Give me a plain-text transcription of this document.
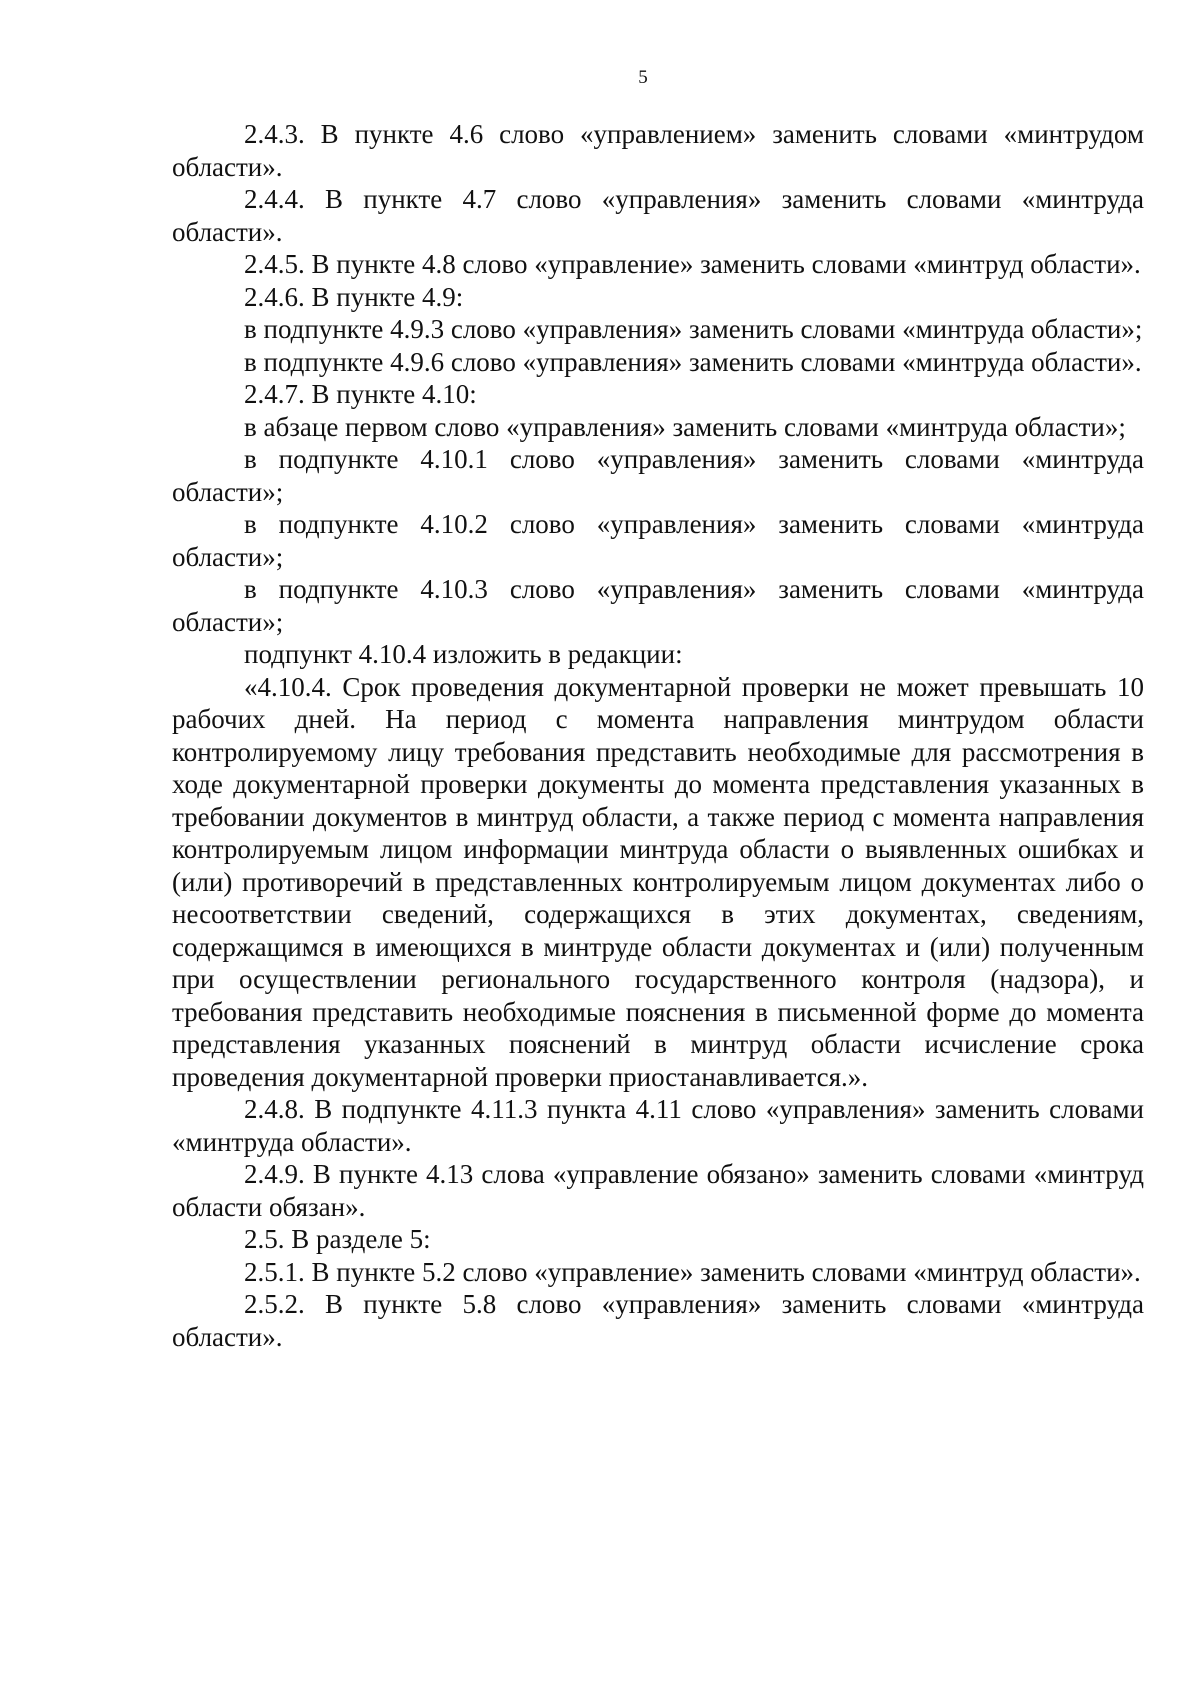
5

2.4.3. В пункте 4.6 слово «управлением» заменить словами «минтрудом области».

2.4.4. В пункте 4.7 слово «управления» заменить словами «минтруда области».

2.4.5. В пункте 4.8 слово «управление» заменить словами «минтруд области».

2.4.6. В пункте 4.9:

в подпункте 4.9.3 слово «управления» заменить словами «минтруда области»;

в подпункте 4.9.6 слово «управления» заменить словами «минтруда области».

2.4.7. В пункте 4.10:

в абзаце первом слово «управления» заменить словами «минтруда области»;

в подпункте 4.10.1 слово «управления» заменить словами «минтруда области»;

в подпункте 4.10.2 слово «управления» заменить словами «минтруда области»;

в подпункте 4.10.3 слово «управления» заменить словами «минтруда области»;

подпункт 4.10.4 изложить в редакции:

«4.10.4. Срок проведения документарной проверки не может превышать 10 рабочих дней. На период с момента направления минтрудом области контролируемому лицу требования представить необходимые для рассмотрения в ходе документарной проверки документы до момента представления указанных в требовании документов в минтруд области, а также период с момента направления контролируемым лицом информации минтруда области о выявленных ошибках и (или) противоречий в представленных контролируемым лицом документах либо о несоответствии сведений, содержащихся в этих документах, сведениям, содержащимся в имеющихся в минтруде области документах и (или) полученным при осуществлении регионального государственного контроля (надзора), и требования представить необходимые пояснения в письменной форме до момента представления указанных пояснений в минтруд области исчисление срока проведения документарной проверки приостанавливается.».

2.4.8. В подпункте 4.11.3 пункта 4.11 слово «управления» заменить словами «минтруда области».

2.4.9. В пункте 4.13 слова «управление обязано» заменить словами «минтруд области обязан».

2.5. В разделе 5:

2.5.1. В пункте 5.2 слово «управление» заменить словами «минтруд области».

2.5.2. В пункте 5.8 слово «управления» заменить словами «минтруда области».
